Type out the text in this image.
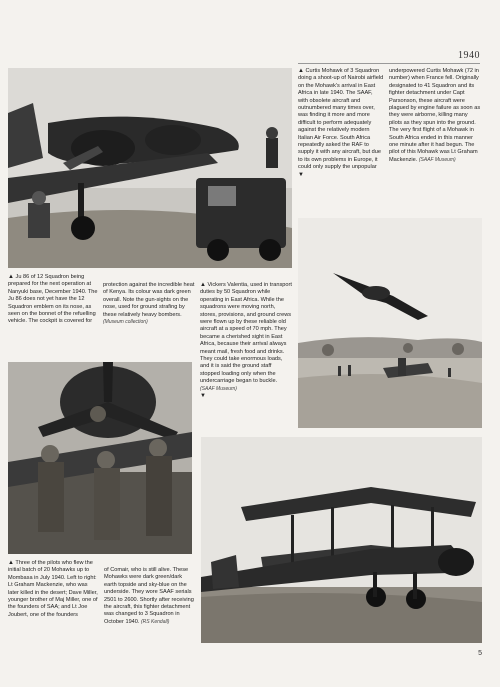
1940
▲ Ju 86 of 12 Squadron being prepared for the next operation at Nanyuki base, December 1940. The Ju 86 does not yet have the 12 Squadron emblem on its nose, as seen on the bonnet of the refuelling vehicle. The cockpit is covered for
protection against the incredible heat of Kenya. Its colour was dark green overall. Note the gun-sights on the nose, used for ground strafing by these relatively heavy bombers. (Museum collection)
▲ Curtis Mohawk of 3 Squadron doing a shoot-up of Nairobi airfield on the Mohawk's arrival in East Africa in late 1940. The SAAF, with obsolete aircraft and outnumbered many times over, was finding it more and more difficult to perform adequately against the relatively modern Italian Air Force. South Africa repeatedly asked the RAF to supply it with any aircraft, but due to its own problems in Europe, it could only supply the unpopular
▼
underpowered Curtis Mohawk (72 in number) when France fell. Originally designated to 41 Squadron and its fighter detachment under Capt Parsonson, these aircraft were plagued by engine failure as soon as they were airborne, killing many pilots as they spun into the ground. The very first flight of a Mohawk in South Africa ended in this manner one minute after it had begun. The pilot of this Mohawk was Lt Graham Mackenzie. (SAAF Museum)
▲ Vickers Valentia, used in transport duties by 50 Squadron while operating in East Africa. While the squadrons were moving north, stores, provisions, and ground crews were flown up by these reliable old aircraft at a speed of 70 mph. They became a cherished sight in East Africa, because their arrival always meant mail, fresh food and drinks. They could take enormous loads, and it is said the ground staff stopped loading only when the undercarriage began to buckle. (SAAF Museum)
▼
▲ Three of the pilots who flew the initial batch of 20 Mohawks up to Mombasa in July 1940. Left to right: Lt Graham Mackenzie, who was later killed in the desert; Dave Miller, younger brother of Maj Miller, one of the founders of SAA; and Lt Joe Joubert, one of the founders
of Comair, who is still alive. These Mohawks were dark green/dark earth topside and sky-blue on the underside. They wore SAAF serials 2501 to 2600. Shortly after receiving the aircraft, this fighter detachment was changed to 3 Squadron in October 1940. (RS Kendall)
5
